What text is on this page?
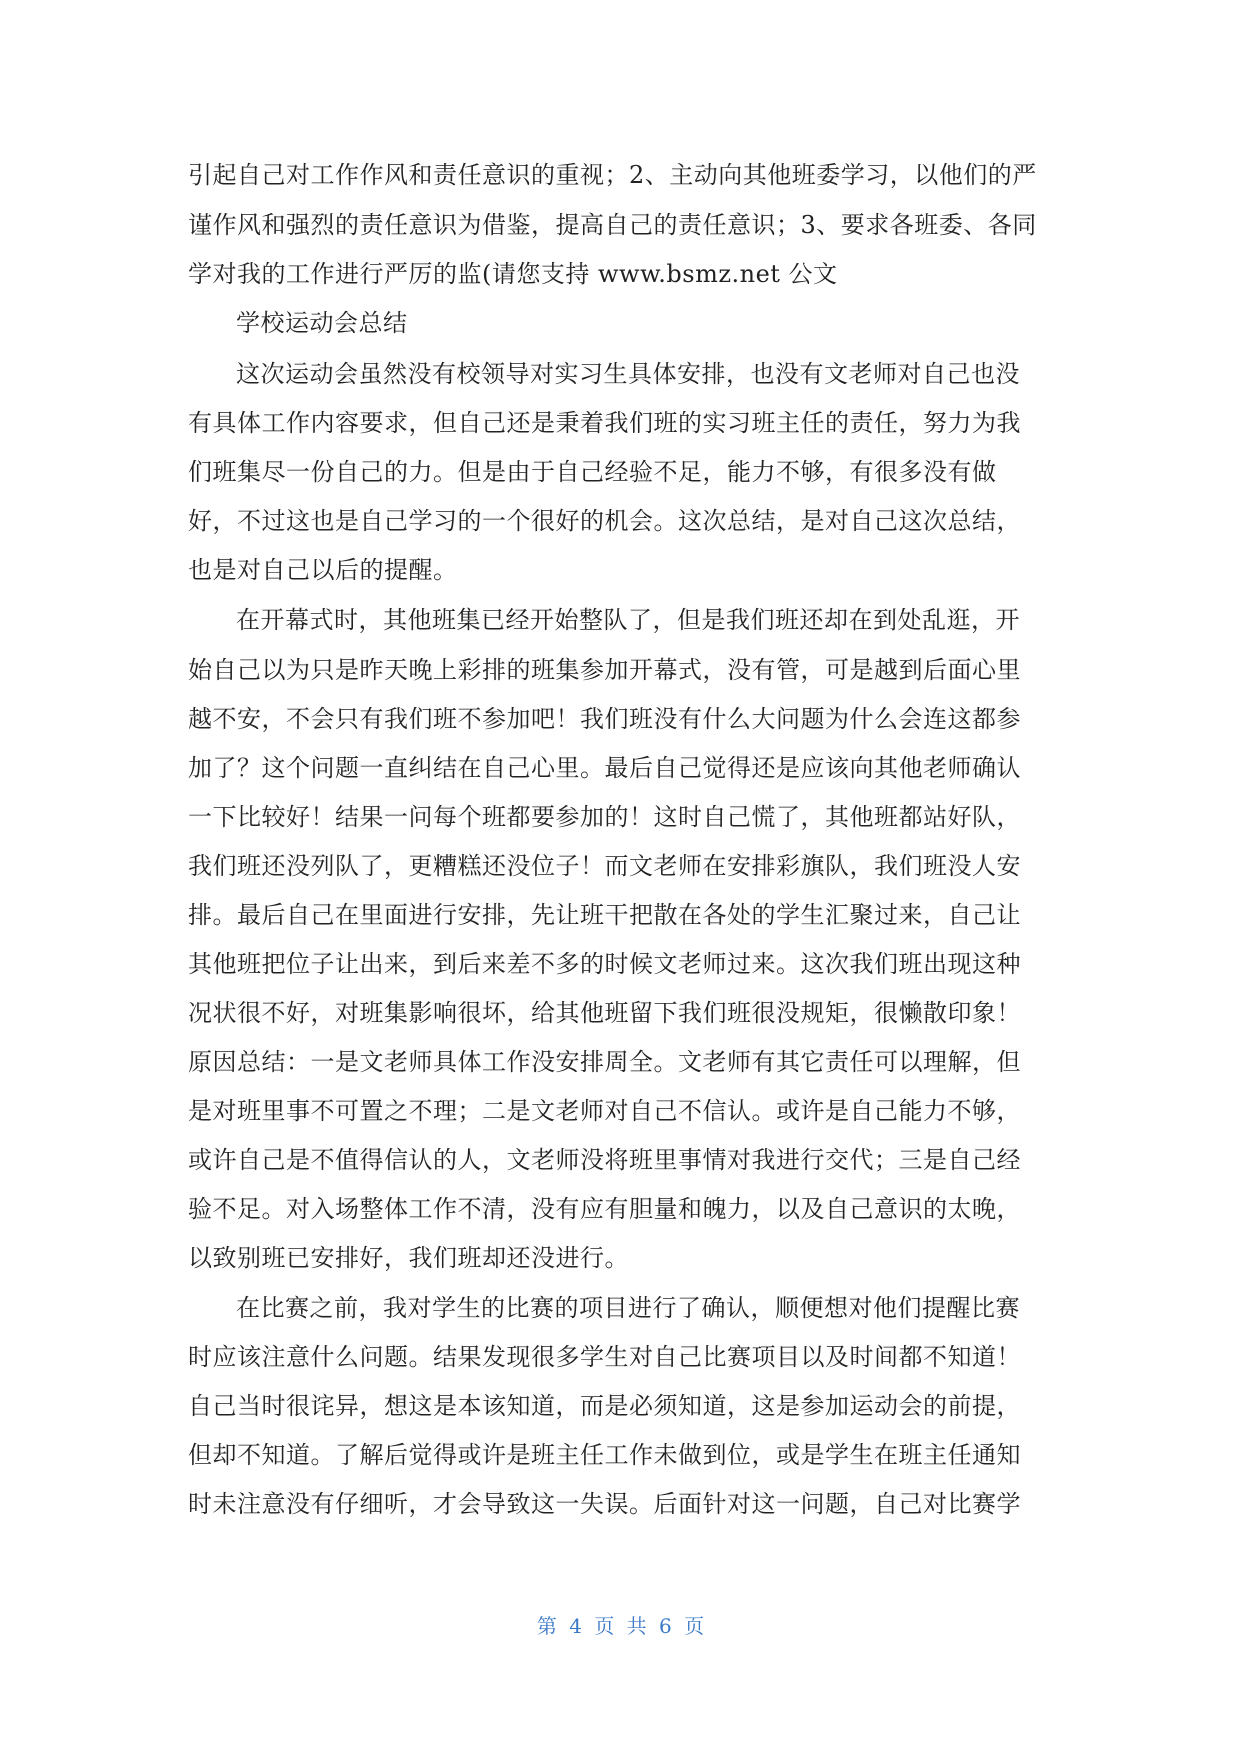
引起自己对工作作风和责任意识的重视；2、主动向其他班委学习，以他们的严
谨作风和强烈的责任意识为借鉴，提高自己的责任意识；3、要求各班委、各同
学对我的工作进行严厉的监(请您支持 www.bsmz.net 公文
学校运动会总结
这次运动会虽然没有校领导对实习生具体安排，也没有文老师对自己也没
有具体工作内容要求，但自己还是秉着我们班的实习班主任的责任，努力为我
们班集尽一份自己的力。但是由于自己经验不足，能力不够，有很多没有做
好，不过这也是自己学习的一个很好的机会。这次总结，是对自己这次总结，
也是对自己以后的提醒。
在开幕式时，其他班集已经开始整队了，但是我们班还却在到处乱逛，开
始自己以为只是昨天晚上彩排的班集参加开幕式，没有管，可是越到后面心里
越不安，不会只有我们班不参加吧！我们班没有什么大问题为什么会连这都参
加了？这个问题一直纠结在自己心里。最后自己觉得还是应该向其他老师确认
一下比较好！结果一问每个班都要参加的！这时自己慌了，其他班都站好队，
我们班还没列队了，更糟糕还没位子！而文老师在安排彩旗队，我们班没人安
排。最后自己在里面进行安排，先让班干把散在各处的学生汇聚过来，自己让
其他班把位子让出来，到后来差不多的时候文老师过来。这次我们班出现这种
况状很不好，对班集影响很坏，给其他班留下我们班很没规矩，很懒散印象！
原因总结：一是文老师具体工作没安排周全。文老师有其它责任可以理解，但
是对班里事不可置之不理；二是文老师对自己不信认。或许是自己能力不够，
或许自己是不值得信认的人，文老师没将班里事情对我进行交代；三是自己经
验不足。对入场整体工作不清，没有应有胆量和魄力，以及自己意识的太晚，
以致别班已安排好，我们班却还没进行。
在比赛之前，我对学生的比赛的项目进行了确认，顺便想对他们提醒比赛
时应该注意什么问题。结果发现很多学生对自己比赛项目以及时间都不知道！
自己当时很诧异，想这是本该知道，而是必须知道，这是参加运动会的前提，
但却不知道。了解后觉得或许是班主任工作未做到位，或是学生在班主任通知
时未注意没有仔细听，才会导致这一失误。后面针对这一问题，自己对比赛学
第 4 页 共 6 页
